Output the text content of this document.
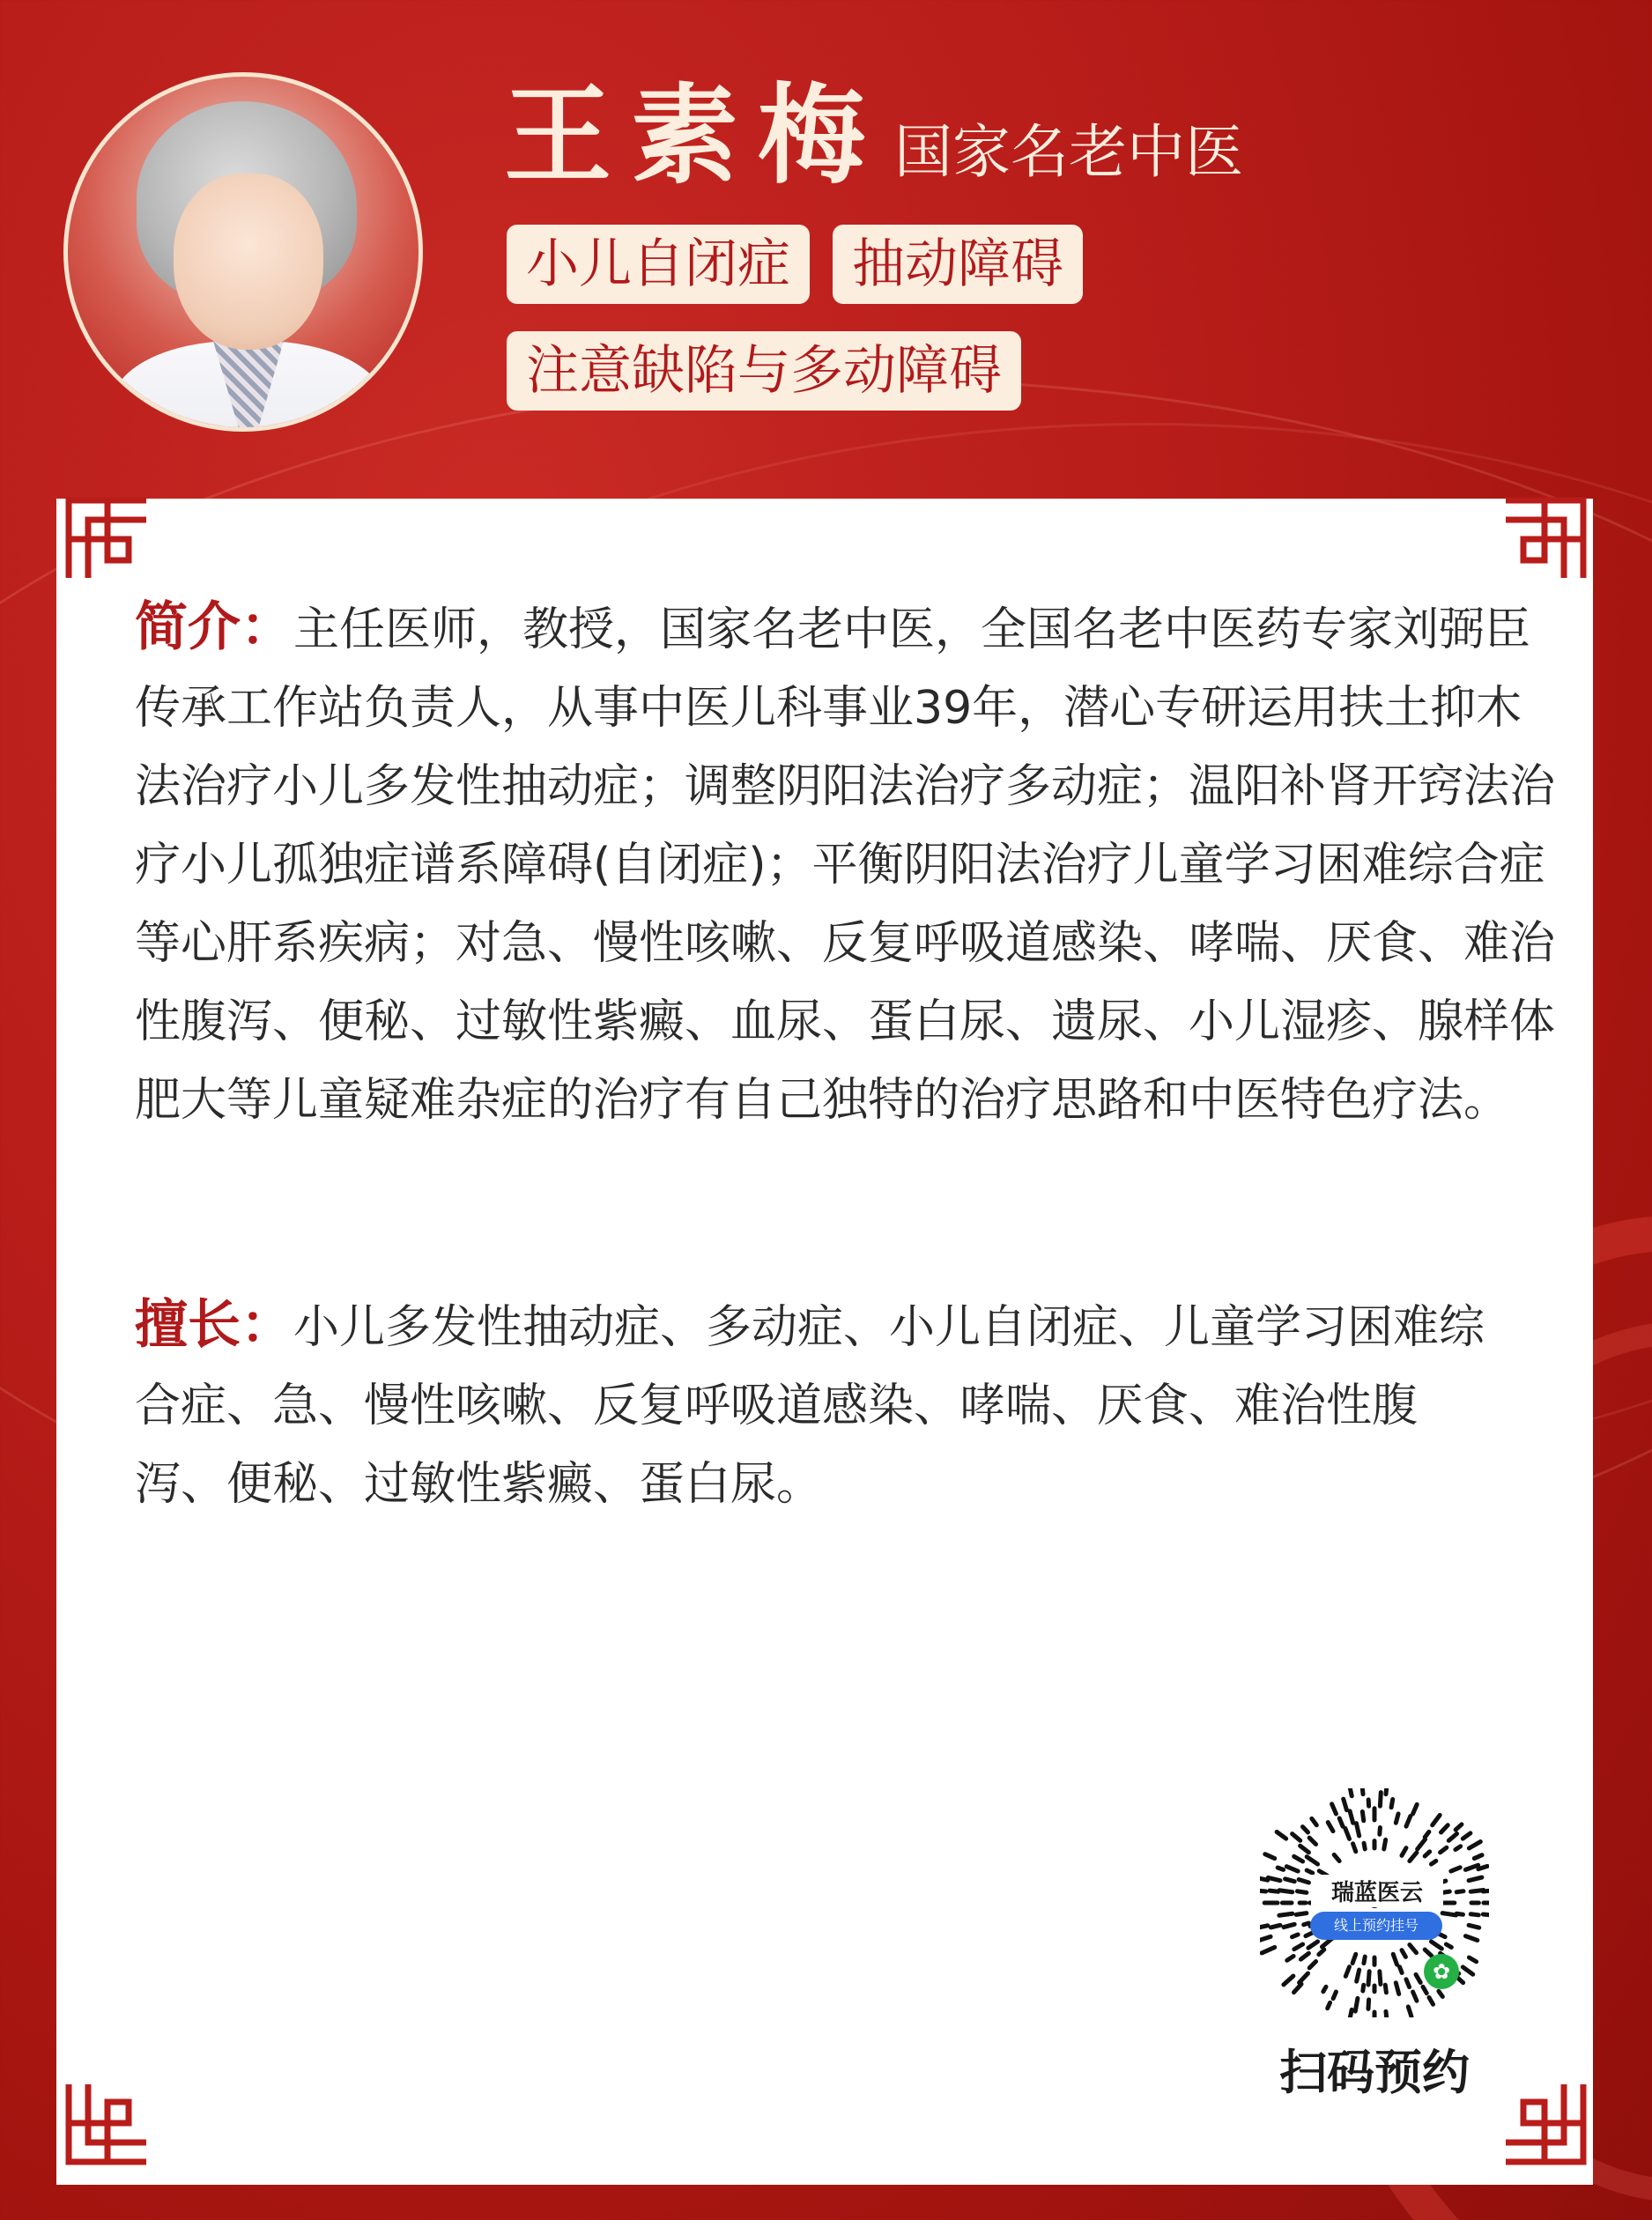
王素梅 国家名老中医
小儿自闭症	抽动障碍
注意缺陷与多动障碍
简介：主任医师，教授，国家名老中医，全国名老中医药专家刘弼臣传承工作站负责人，从事中医儿科事业39年，潜心专研运用扶土抑木法治疗小儿多发性抽动症；调整阴阳法治疗多动症；温阳补肾开窍法治疗小儿孤独症谱系障碍(自闭症)；平衡阴阳法治疗儿童学习困难综合症等心肝系疾病；对急、慢性咳嗽、反复呼吸道感染、哮喘、厌食、难治性腹泻、便秘、过敏性紫癜、血尿、蛋白尿、遗尿、小儿湿疹、腺样体肥大等儿童疑难杂症的治疗有自己独特的治疗思路和中医特色疗法。
擅长：小儿多发性抽动症、多动症、小儿自闭症、儿童学习困难综合症、急、慢性咳嗽、反复呼吸道感染、哮喘、厌食、难治性腹泻、便秘、过敏性紫癜、蛋白尿。
瑞蓝医云
线上预约挂号
✿
扫码预约
